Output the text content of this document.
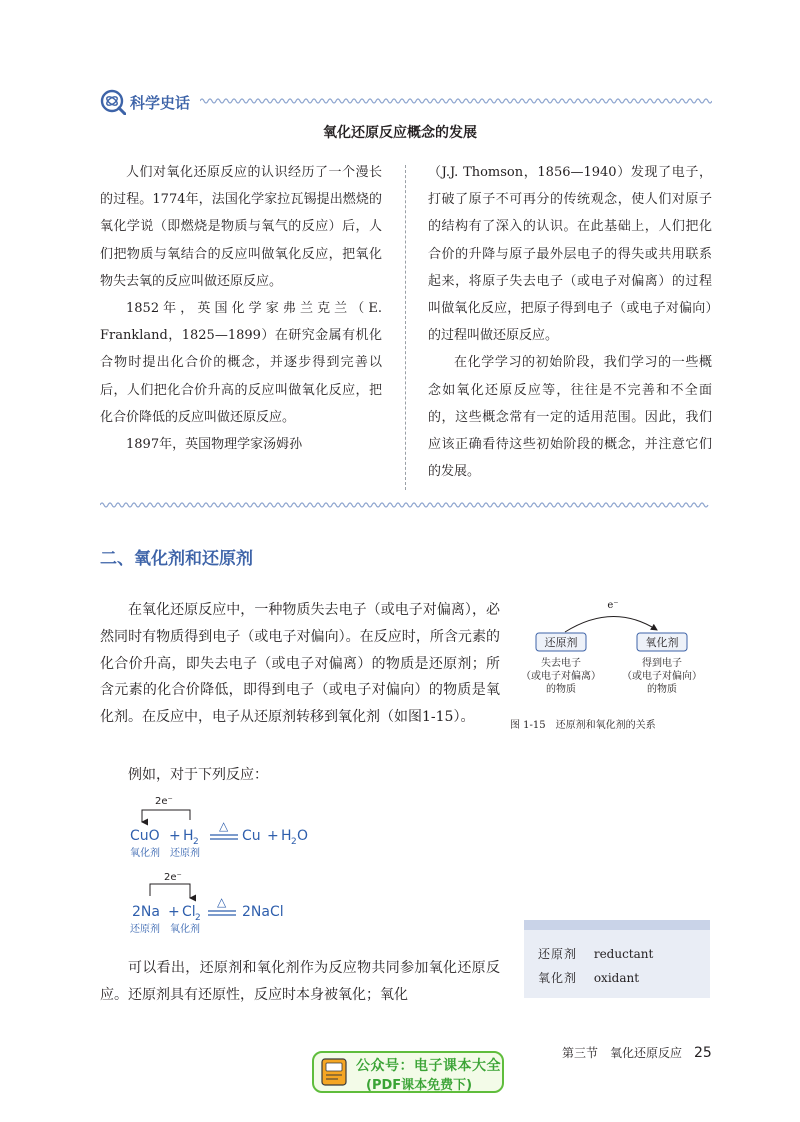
科学史话
氧化还原反应概念的发展

人们对氧化还原反应的认识经历了一个漫长的过程。1774年，法国化学家拉瓦锡提出燃烧的氧化学说（即燃烧是物质与氧气的反应）后，人们把物质与氧结合的反应叫做氧化反应，把氧化物失去氧的反应叫做还原反应。

1852年，英国化学家弗兰克兰（E. Frankland，1825—1899）在研究金属有机化合物时提出化合价的概念，并逐步得到完善以后，人们把化合价升高的反应叫做氧化反应，把化合价降低的反应叫做还原反应。

1897年，英国物理学家汤姆孙

（J.J. Thomson，1856—1940）发现了电子，打破了原子不可再分的传统观念，使人们对原子的结构有了深入的认识。在此基础上，人们把化合价的升降与原子最外层电子的得失或共用联系起来，将原子失去电子（或电子对偏离）的过程叫做氧化反应，把原子得到电子（或电子对偏向）的过程叫做还原反应。

在化学学习的初始阶段，我们学习的一些概念如氧化还原反应等，往往是不完善和不全面的，这些概念常有一定的适用范围。因此，我们应该正确看待这些初始阶段的概念，并注意它们的发展。

二、氧化剂和还原剂

在氧化还原反应中，一种物质失去电子（或电子对偏离），必然同时有物质得到电子（或电子对偏向）。在反应时，所含元素的化合价升高，即失去电子（或电子对偏离）的物质是还原剂；所含元素的化合价降低，即得到电子（或电子对偏向）的物质是氧化剂。在反应中，电子从还原剂转移到氧化剂（如图1-15）。

e⁻
还原剂	氧化剂
失去电子
（或电子对偏离）
的物质
得到电子
（或电子对偏向）
的物质
图 1-15　还原剂和氧化剂的关系

例如，对于下列反应：

2e⁻
CuO + H 2
△
Cu + H 2 O
氧化剂 还原剂
2e⁻
2Na + Cl 2
△
2NaCl
还原剂 氧化剂
还原剂 reductant
氧化剂 oxidant

可以看出，还原剂和氧化剂作为反应物共同参加氧化还原反应。还原剂具有还原性，反应时本身被氧化；氧化

第三节　氧化还原反应 25
公众号：电子课本大全
(PDF课本免费下)
